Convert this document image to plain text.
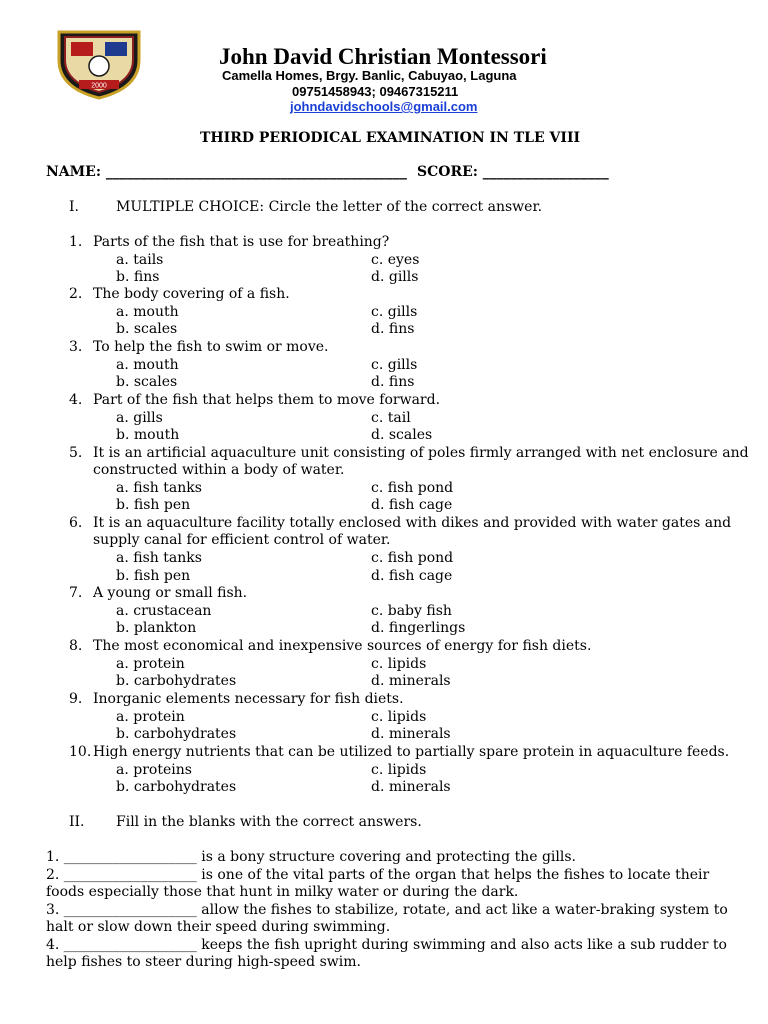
2000
John David Christian Montessori
Camella Homes, Brgy. Banlic, Cabuyao, Laguna
09751458943; 09467315211
johndavidschools@gmail.com
THIRD PERIODICAL EXAMINATION IN TLE VIII
NAME: ___________________________________________ SCORE: __________________
I.	MULTIPLE CHOICE: Circle the letter of the correct answer.
1. Parts of the fish that is use for breathing?
a. tails	c. eyes
b. fins	d. gills
2. The body covering of a fish.
a. mouth	c. gills
b. scales	d. fins
3. To help the fish to swim or move.
a. mouth	c. gills
b. scales	d. fins
4. Part of the fish that helps them to move forward.
a. gills	c. tail
b. mouth	d. scales
5. It is an artificial aquaculture unit consisting of poles firmly arranged with net enclosure and
constructed within a body of water.
a. fish tanks	c. fish pond
b. fish pen	d. fish cage
6. It is an aquaculture facility totally enclosed with dikes and provided with water gates and
supply canal for efficient control of water.
a. fish tanks	c. fish pond
b. fish pen	d. fish cage
7. A young or small fish.
a. crustacean	c. baby fish
b. plankton	d. fingerlings
8. The most economical and inexpensive sources of energy for fish diets.
a. protein	c. lipids
b. carbohydrates	d. minerals
9. Inorganic elements necessary for fish diets.
a. protein	c. lipids
b. carbohydrates	d. minerals
10. High energy nutrients that can be utilized to partially spare protein in aquaculture feeds.
a. proteins	c. lipids
b. carbohydrates	d. minerals
II. Fill in the blanks with the correct answers.
1. ___________________ is a bony structure covering and protecting the gills.
2. ___________________ is one of the vital parts of the organ that helps the fishes to locate their
foods especially those that hunt in milky water or during the dark.
3. ___________________ allow the fishes to stabilize, rotate, and act like a water-braking system to
halt or slow down their speed during swimming.
4. ___________________ keeps the fish upright during swimming and also acts like a sub rudder to
help fishes to steer during high-speed swim.
